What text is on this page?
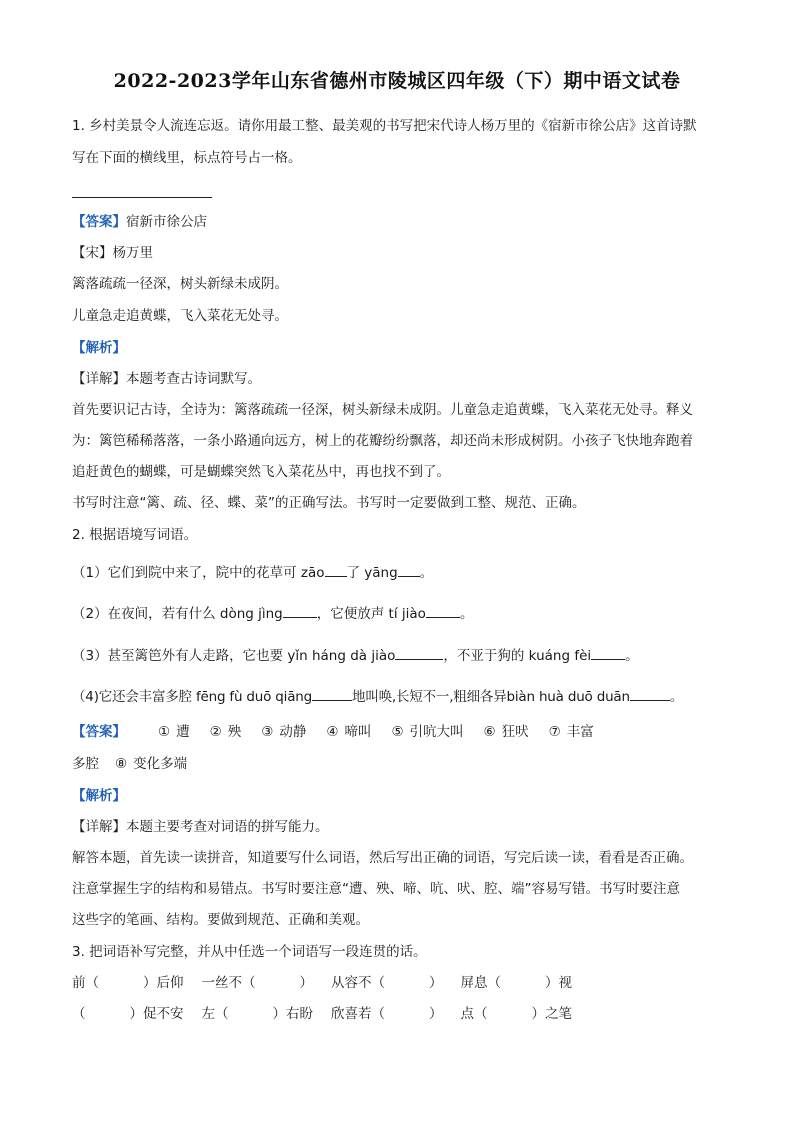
2022-2023学年山东省德州市陵城区四年级（下）期中语文试卷
1. 乡村美景令人流连忘返。请你用最工整、最美观的书写把宋代诗人杨万里的《宿新市徐公店》这首诗默
写在下面的横线里，标点符号占一格。
【答案】宿新市徐公店
【宋】杨万里
篱落疏疏一径深，树头新绿未成阴。
儿童急走追黄蝶，飞入菜花无处寻。
【解析】
【详解】本题考查古诗词默写。
首先要识记古诗，全诗为：篱落疏疏一径深，树头新绿未成阴。儿童急走追黄蝶，飞入菜花无处寻。释义
为：篱笆稀稀落落，一条小路通向远方，树上的花瓣纷纷飘落，却还尚未形成树阴。小孩子飞快地奔跑着
追赶黄色的蝴蝶，可是蝴蝶突然飞入菜花丛中，再也找不到了。
书写时注意“篱、疏、径、蝶、菜”的正确写法。书写时一定要做到工整、规范、正确。
2. 根据语境写词语。
（1）它们到院中来了，院中的花草可 zāo 了 yāng 。
（2）在夜间，若有什么 dòng jìng	，它便放声 tí jiào	。
（3）甚至篱笆外有人走路，它也要 yǐn háng dà jiào	，不亚于狗的 kuáng fèi	。
（4)它还会丰富多腔 fēng fù duō qiāng	地叫唤,长短不一,粗细各异biàn huà duō duān	。
【答案】 ① 遭 ② 殃 ③ 动静 ④ 啼叫 ⑤ 引吭大叫 ⑥ 狂吠 ⑦ 丰富
多腔 ⑧ 变化多端
【解析】
【详解】本题主要考查对词语的拼写能力。
解答本题，首先读一读拼音，知道要写什么词语，然后写出正确的词语，写完后读一读，看看是否正确。
注意掌握生字的结构和易错点。书写时要注意“遭、殃、啼、吭、吠、腔、端”容易写错。书写时要注意
这些字的笔画、结构。要做到规范、正确和美观。
3. 把词语补写完整，并从中任选一个词语写一段连贯的话。
前（	）后仰 一丝不（	） 从容不（	） 屏息（	）视
（	）促不安 左（	）右盼 欣喜若（	） 点（	）之笔
